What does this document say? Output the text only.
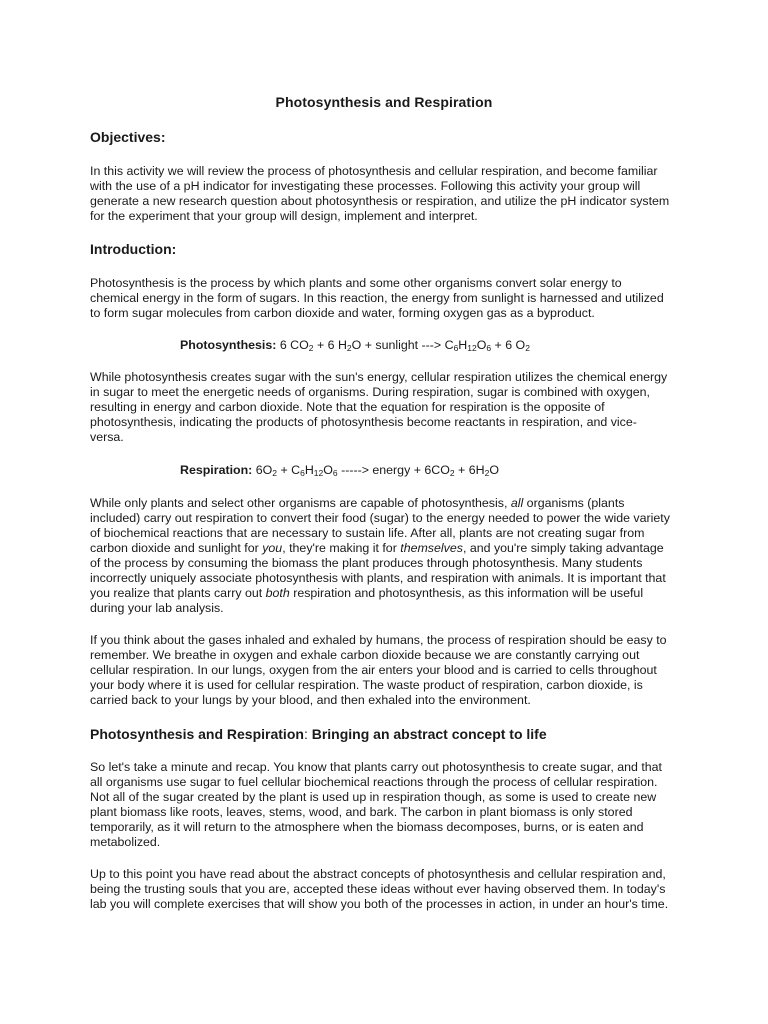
Photosynthesis and Respiration
Objectives:

In this activity we will review the process of photosynthesis and cellular respiration, and become familiar
with the use of a pH indicator for investigating these processes. Following this activity your group will
generate a new research question about photosynthesis or respiration, and utilize the pH indicator system
for the experiment that your group will design, implement and interpret.

Introduction:

Photosynthesis is the process by which plants and some other organisms convert solar energy to
chemical energy in the form of sugars. In this reaction, the energy from sunlight is harnessed and utilized
to form sugar molecules from carbon dioxide and water, forming oxygen gas as a byproduct.

Photosynthesis: 6 $CO_2 + 6$ $H_2O$ + sunlight ---> $C_6H_{12}O_6 + 6$ $O_2$

While photosynthesis creates sugar with the sun's energy, cellular respiration utilizes the chemical energy
in sugar to meet the energetic needs of organisms. During respiration, sugar is combined with oxygen,
resulting in energy and carbon dioxide. Note that the equation for respiration is the opposite of
photosynthesis, indicating the products of photosynthesis become reactants in respiration, and vice-
versa.

Respiration: $6O_2 + C_6H_{12}O_6$ -----> energy + $6CO_2 + 6H_2O$

While only plants and select other organisms are capable of photosynthesis, all organisms (plants
included) carry out respiration to convert their food (sugar) to the energy needed to power the wide variety
of biochemical reactions that are necessary to sustain life. After all, plants are not creating sugar from
carbon dioxide and sunlight for you, they're making it for themselves, and you're simply taking advantage
of the process by consuming the biomass the plant produces through photosynthesis. Many students
incorrectly uniquely associate photosynthesis with plants, and respiration with animals. It is important that
you realize that plants carry out both respiration and photosynthesis, as this information will be useful
during your lab analysis.

If you think about the gases inhaled and exhaled by humans, the process of respiration should be easy to
remember. We breathe in oxygen and exhale carbon dioxide because we are constantly carrying out
cellular respiration. In our lungs, oxygen from the air enters your blood and is carried to cells throughout
your body where it is used for cellular respiration. The waste product of respiration, carbon dioxide, is
carried back to your lungs by your blood, and then exhaled into the environment.

Photosynthesis and Respiration: Bringing an abstract concept to life

So let's take a minute and recap. You know that plants carry out photosynthesis to create sugar, and that
all organisms use sugar to fuel cellular biochemical reactions through the process of cellular respiration.
Not all of the sugar created by the plant is used up in respiration though, as some is used to create new
plant biomass like roots, leaves, stems, wood, and bark. The carbon in plant biomass is only stored
temporarily, as it will return to the atmosphere when the biomass decomposes, burns, or is eaten and
metabolized.

Up to this point you have read about the abstract concepts of photosynthesis and cellular respiration and,
being the trusting souls that you are, accepted these ideas without ever having observed them. In today's
lab you will complete exercises that will show you both of the processes in action, in under an hour's time.
